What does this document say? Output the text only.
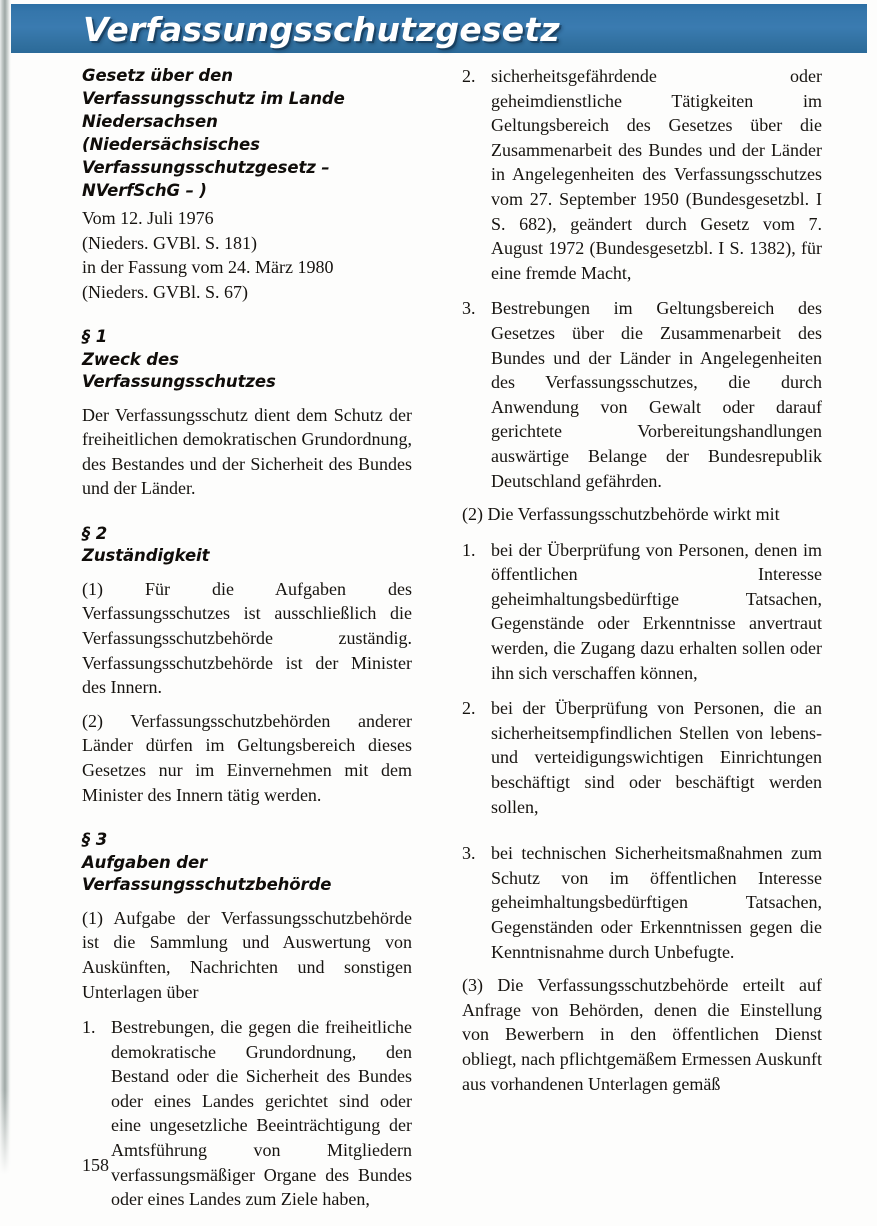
Verfassungsschutzgesetz
Gesetz über den
Verfassungsschutz im Lande
Niedersachsen
(Niedersächsisches
Verfassungsschutzgesetz –
NVerfSchG – )
Vom 12. Juli 1976
(Nieders. GVBl. S. 181)
in der Fassung vom 24. März 1980
(Nieders. GVBl. S. 67)
§ 1
Zweck des
Verfassungsschutzes

Der Verfassungsschutz dient dem Schutz der freiheitlichen demokratischen Grundordnung, des Bestandes und der Sicherheit des Bundes und der Länder.

§ 2
Zuständigkeit

(1) Für die Aufgaben des Verfassungsschutzes ist ausschließlich die Verfassungsschutzbehörde zuständig. Verfassungsschutzbehörde ist der Minister des Innern.

(2) Verfassungsschutzbehörden anderer Länder dürfen im Geltungsbereich dieses Gesetzes nur im Einvernehmen mit dem Minister des Innern tätig werden.

§ 3
Aufgaben der
Verfassungsschutzbehörde

(1) Aufgabe der Verfassungsschutzbehörde ist die Sammlung und Auswertung von Auskünften, Nachrichten und sonstigen Unterlagen über

1. Bestrebungen, die gegen die freiheitliche demokratische Grundordnung, den Bestand oder die Sicherheit des Bundes oder eines Landes gerichtet sind oder eine ungesetzliche Beeinträchtigung der Amtsführung von Mitgliedern verfassungsmäßiger Organe des Bundes oder eines Landes zum Ziele haben,
2. sicherheitsgefährdende oder geheimdienstliche Tätigkeiten im Geltungsbereich des Gesetzes über die Zusammenarbeit des Bundes und der Länder in Angelegenheiten des Verfassungsschutzes vom 27. September 1950 (Bundesgesetzbl. I S. 682), geändert durch Gesetz vom 7. August 1972 (Bundesgesetzbl. I S. 1382), für eine fremde Macht,
3. Bestrebungen im Geltungsbereich des Gesetzes über die Zusammenarbeit des Bundes und der Länder in Angelegenheiten des Verfassungsschutzes, die durch Anwendung von Gewalt oder darauf gerichtete Vorbereitungshandlungen auswärtige Belange der Bundesrepublik Deutschland gefährden.

(2) Die Verfassungsschutzbehörde wirkt mit

1. bei der Überprüfung von Personen, denen im öffentlichen Interesse geheimhaltungsbedürftige Tatsachen, Gegenstände oder Erkenntnisse anvertraut werden, die Zugang dazu erhalten sollen oder ihn sich verschaffen können,
2. bei der Überprüfung von Personen, die an sicherheitsempfindlichen Stellen von lebens- und verteidigungswichtigen Einrichtungen beschäftigt sind oder beschäftigt werden sollen,
3. bei technischen Sicherheitsmaßnahmen zum Schutz von im öffentlichen Interesse geheimhaltungsbedürftigen Tatsachen, Gegenständen oder Erkenntnissen gegen die Kenntnisnahme durch Unbefugte.

(3) Die Verfassungsschutzbehörde erteilt auf Anfrage von Behörden, denen die Einstellung von Bewerbern in den öffentlichen Dienst obliegt, nach pflichtgemäßem Ermessen Auskunft aus vorhandenen Unterlagen gemäß

158
